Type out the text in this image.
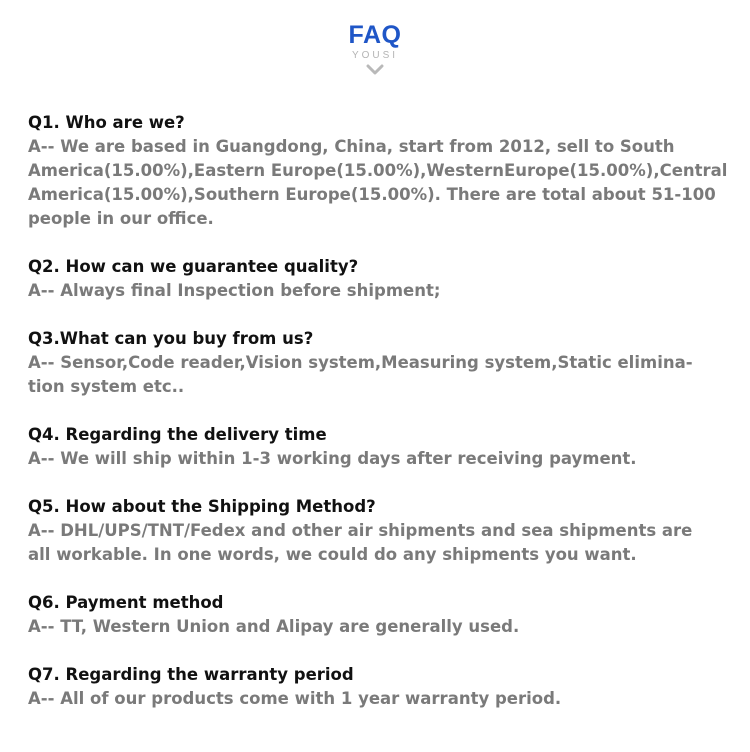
FAQ
YOUSI
Q1. Who are we?
A-- We are based in Guangdong, China, start from 2012, sell to South
America(15.00%),Eastern Europe(15.00%),WesternEurope(15.00%),Central
America(15.00%),Southern Europe(15.00%). There are total about 51-100
people in our office.
Q2. How can we guarantee quality?
A-- Always final Inspection before shipment;
Q3.What can you buy from us?
A-- Sensor,Code reader,Vision system,Measuring system,Static elimina-
tion system etc..
Q4. Regarding the delivery time
A-- We will ship within 1-3 working days after receiving payment.
Q5. How about the Shipping Method?
A-- DHL/UPS/TNT/Fedex and other air shipments and sea shipments are
all workable. In one words, we could do any shipments you want.
Q6. Payment method
A-- TT, Western Union and Alipay are generally used.
Q7. Regarding the warranty period
A-- All of our products come with 1 year warranty period.
